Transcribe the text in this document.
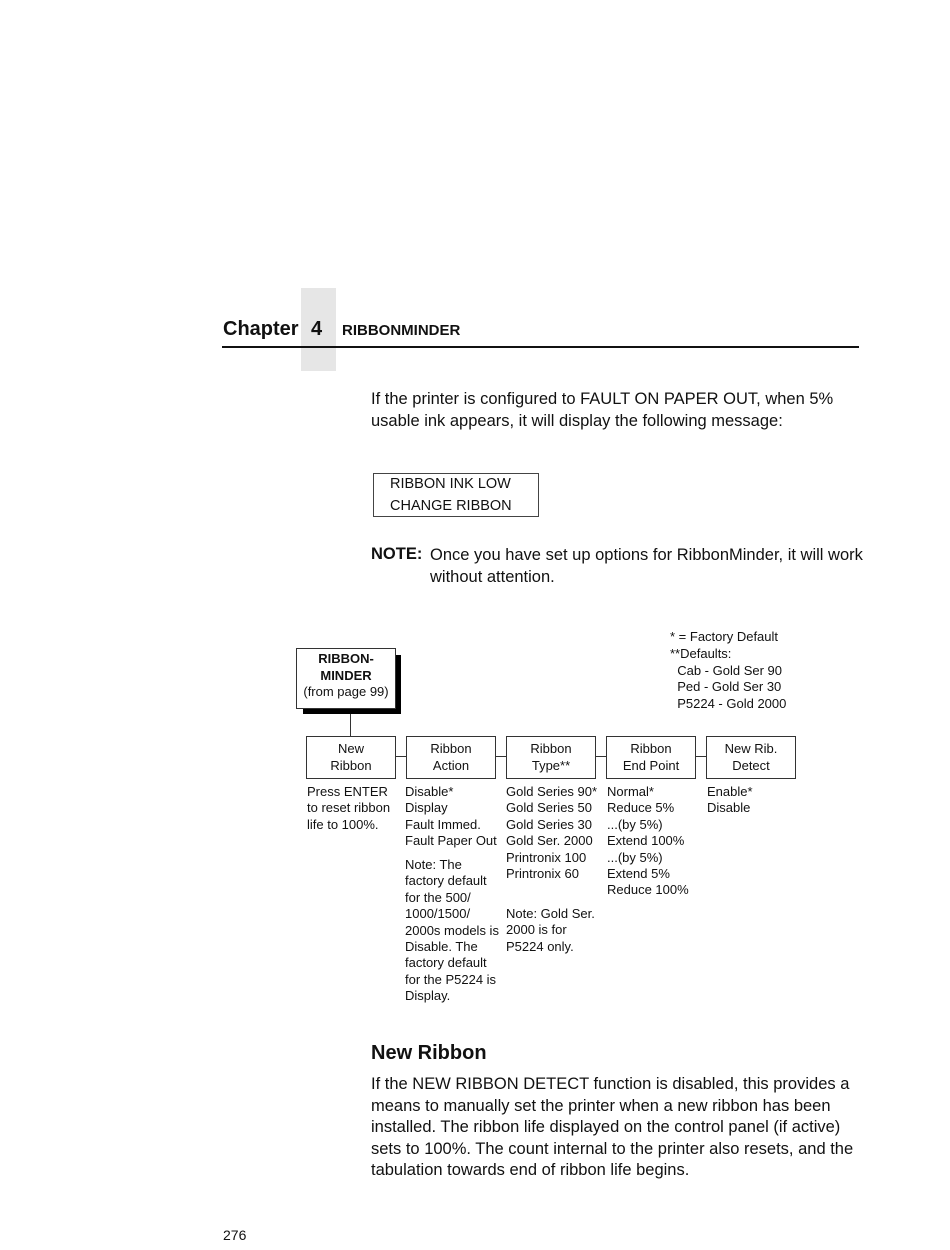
Chapter 4 RIBBONMINDER
If the printer is configured to FAULT ON PAPER OUT, when 5%
usable ink appears, it will display the following message:
RIBBON INK LOW
CHANGE RIBBON
NOTE: Once you have set up options for RibbonMinder, it will work
without attention.
* = Factory Default
**Defaults:
Cab - Gold Ser 90
Ped - Gold Ser 30
P5224 - Gold 2000
RIBBON-
MINDER
(from page 99)
New
Ribbon
Ribbon
Action
Ribbon
Type**
Ribbon
End Point
New Rib.
Detect
Press ENTER
to reset ribbon
life to 100%.
Disable*
Display
Fault Immed.
Fault Paper Out
Note: The
factory default
for the 500/
1000/1500/
2000s models is
Disable. The
factory default
for the P5224 is
Display.
Gold Series 90*
Gold Series 50
Gold Series 30
Gold Ser. 2000
Printronix 100
Printronix 60
Note: Gold Ser.
2000 is for
P5224 only.
Normal*
Reduce 5%
...(by 5%)
Extend 100%
...(by 5%)
Extend 5%
Reduce 100%
Enable*
Disable
New Ribbon
If the NEW RIBBON DETECT function is disabled, this provides a
means to manually set the printer when a new ribbon has been
installed. The ribbon life displayed on the control panel (if active)
sets to 100%. The count internal to the printer also resets, and the
tabulation towards end of ribbon life begins.
276
